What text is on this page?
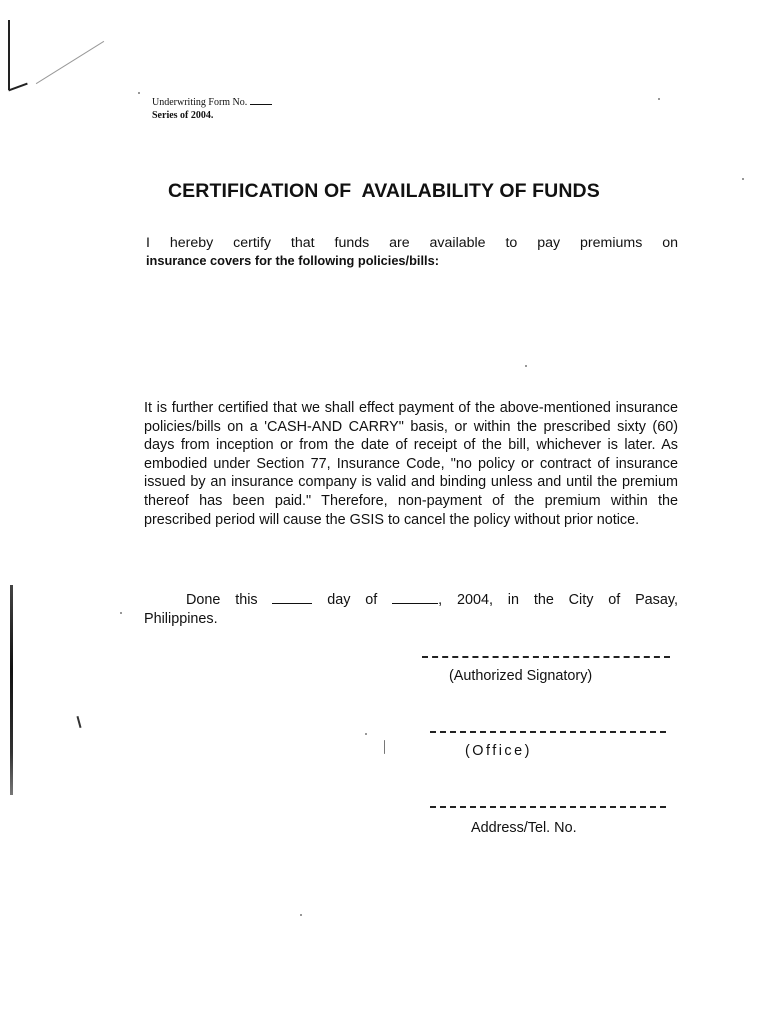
Underwriting Form No.
Series of 2004.
CERTIFICATION OF  AVAILABILITY OF FUNDS
I hereby certify that funds are available to pay premiums on
insurance covers for the following policies/bills:
It is further certified that we shall effect payment of the above-mentioned insurance policies/bills on a 'CASH-AND CARRY" basis, or within the prescribed sixty (60) days from inception or from the date of receipt of the bill, whichever is later. As embodied under Section 77, Insurance Code, "no policy or contract of insurance issued by an insurance company is valid and binding unless and until the premium thereof has been paid." Therefore, non-payment of the premium within the prescribed period will cause the GSIS to cancel the policy without prior notice.
Done this	day of	, 2004, in the City of Pasay,
Philippines.
(Authorized Signatory)
(Office)
Address/Tel. No.
